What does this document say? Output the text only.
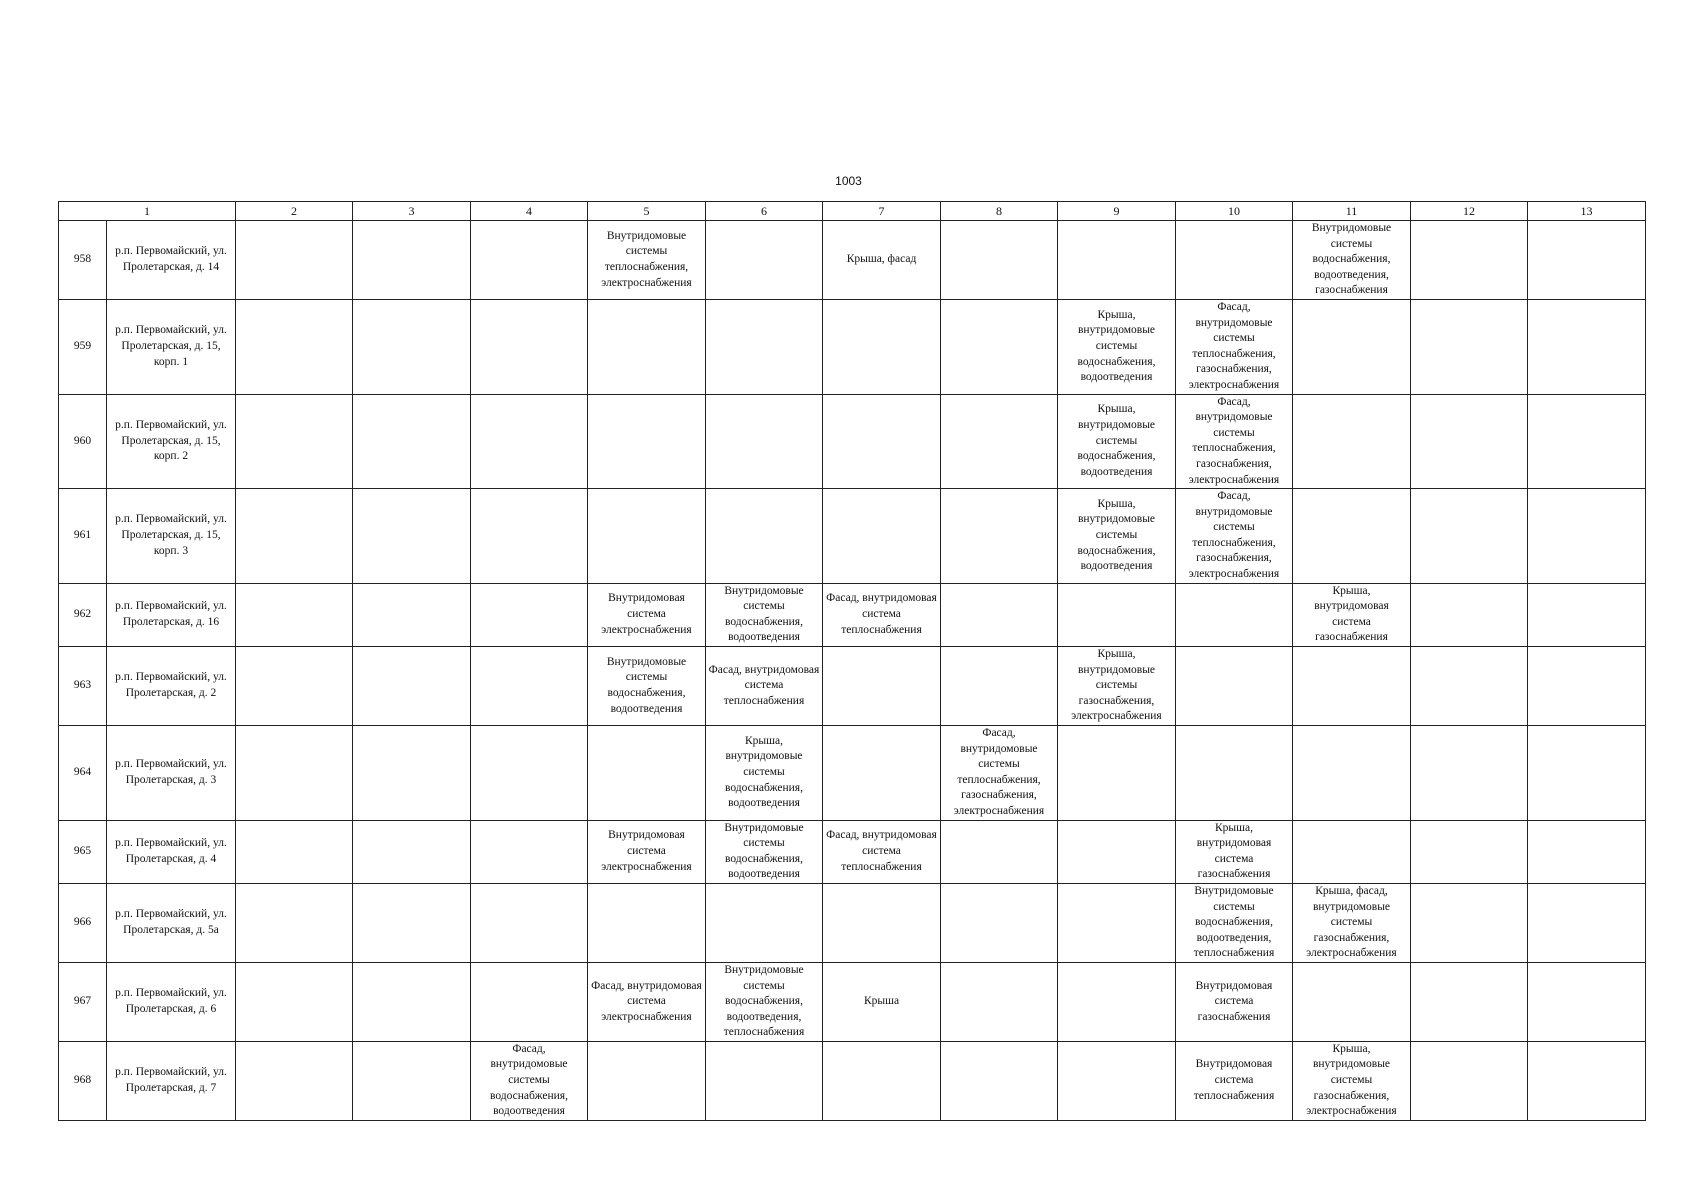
1003
1		2	3	4	5	6	7	8	9	10	11	12	13
958	р.п. Первомайский, ул. Пролетарская, д. 14				Внутридомовые системы теплоснабжения, электроснабжения		Крыша, фасад				Внутридомовые системы водоснабжения, водоотведения, газоснабжения		
959	р.п. Первомайский, ул. Пролетарская, д. 15, корп. 1								Крыша, внутридомовые системы водоснабжения, водоотведения	Фасад, внутридомовые системы теплоснабжения, газоснабжения, электроснабжения			
960	р.п. Первомайский, ул. Пролетарская, д. 15, корп. 2								Крыша, внутридомовые системы водоснабжения, водоотведения	Фасад, внутридомовые системы теплоснабжения, газоснабжения, электроснабжения			
961	р.п. Первомайский, ул. Пролетарская, д. 15, корп. 3								Крыша, внутридомовые системы водоснабжения, водоотведения	Фасад, внутридомовые системы теплоснабжения, газоснабжения, электроснабжения			
962	р.п. Первомайский, ул. Пролетарская, д. 16				Внутридомовая система электроснабжения	Внутридомовые системы водоснабжения, водоотведения	Фасад, внутридомовая система теплоснабжения				Крыша, внутридомовая система газоснабжения		
963	р.п. Первомайский, ул. Пролетарская, д. 2				Внутридомовые системы водоснабжения, водоотведения	Фасад, внутридомовая система теплоснабжения			Крыша, внутридомовые системы газоснабжения, электроснабжения				
964	р.п. Первомайский, ул. Пролетарская, д. 3					Крыша, внутридомовые системы водоснабжения, водоотведения		Фасад, внутридомовые системы теплоснабжения, газоснабжения, электроснабжения					
965	р.п. Первомайский, ул. Пролетарская, д. 4				Внутридомовая система электроснабжения	Внутридомовые системы водоснабжения, водоотведения	Фасад, внутридомовая система теплоснабжения			Крыша, внутридомовая система газоснабжения			
966	р.п. Первомайский, ул. Пролетарская, д. 5а									Внутридомовые системы водоснабжения, водоотведения, теплоснабжения	Крыша, фасад, внутридомовые системы газоснабжения, электроснабжения		
967	р.п. Первомайский, ул. Пролетарская, д. 6				Фасад, внутридомовая система электроснабжения	Внутридомовые системы водоснабжения, водоотведения, теплоснабжения	Крыша			Внутридомовая система газоснабжения			
968	р.п. Первомайский, ул. Пролетарская, д. 7			Фасад, внутридомовые системы водоснабжения, водоотведения						Внутридомовая система теплоснабжения	Крыша, внутридомовые системы газоснабжения, электроснабжения		
